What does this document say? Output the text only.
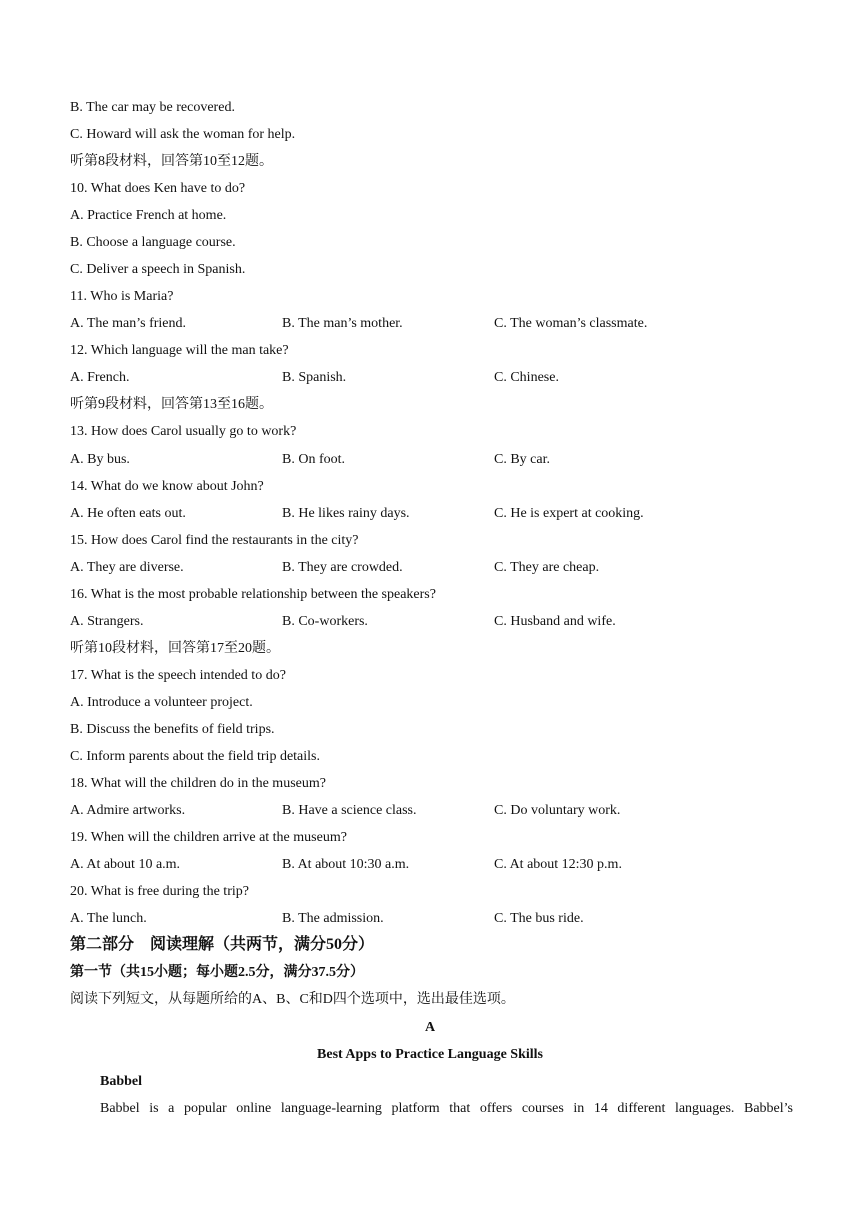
B. The car may be recovered.
C. Howard will ask the woman for help.
听第8段材料，回答第10至12题。
10. What does Ken have to do?
A. Practice French at home.
B. Choose a language course.
C. Deliver a speech in Spanish.
11. Who is Maria?
A. The man’s friend.	B. The man’s mother.	C. The woman’s classmate.
12. Which language will the man take?
A. French.	B. Spanish.	C. Chinese.
听第9段材料，回答第13至16题。
13. How does Carol usually go to work?
A. By bus.	B. On foot.	C. By car.
14. What do we know about John?
A. He often eats out.	B. He likes rainy days.	C. He is expert at cooking.
15. How does Carol find the restaurants in the city?
A. They are diverse.	B. They are crowded.	C. They are cheap.
16. What is the most probable relationship between the speakers?
A. Strangers.	B. Co-workers.	C. Husband and wife.
听第10段材料，回答第17至20题。
17. What is the speech intended to do?
A. Introduce a volunteer project.
B. Discuss the benefits of field trips.
C. Inform parents about the field trip details.
18. What will the children do in the museum?
A. Admire artworks.	B. Have a science class.	C. Do voluntary work.
19. When will the children arrive at the museum?
A. At about 10 a.m.	B. At about 10:30 a.m.	C. At about 12:30 p.m.
20. What is free during the trip?
A. The lunch.	B. The admission.	C. The bus ride.
第二部分　阅读理解（共两节，满分50分）
第一节（共15小题；每小题2.5分，满分37.5分）
阅读下列短文，从每题所给的A、B、C和D四个选项中，选出最佳选项。
A
Best Apps to Practice Language Skills
Babbel
Babbel is a popular online language-learning platform that offers courses in 14 different languages. Babbel’s
